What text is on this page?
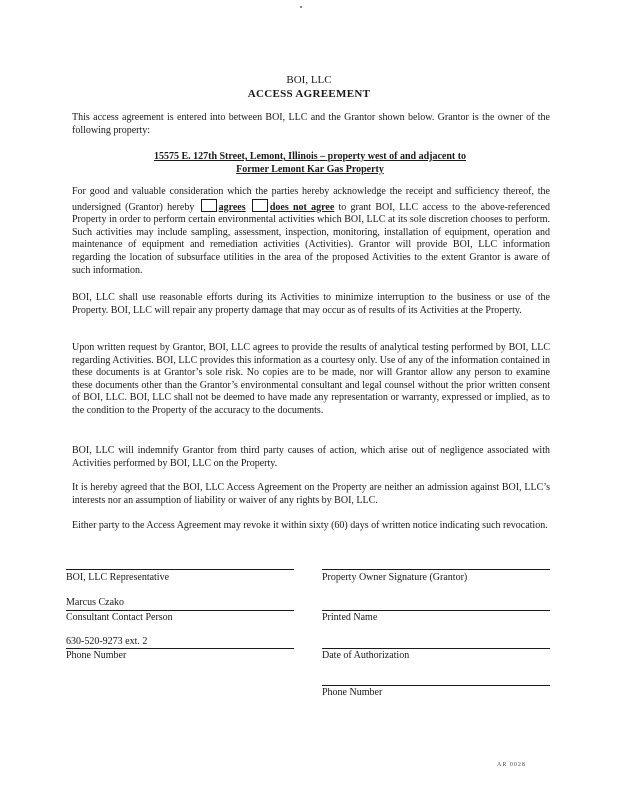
BOI, LLC
ACCESS AGREEMENT

This access agreement is entered into between BOI, LLC and the Grantor shown below. Grantor is the owner of the following property:

15575 E. 127th Street, Lemont, Illinois – property west of and adjacent to
Former Lemont Kar Gas Property

For good and valuable consideration which the parties hereby acknowledge the receipt and sufficiency thereof, the undersigned (Grantor) hereby agrees does not agree to grant BOI, LLC access to the above-referenced Property in order to perform certain environmental activities which BOI, LLC at its sole discretion chooses to perform. Such activities may include sampling, assessment, inspection, monitoring, installation of equipment, operation and maintenance of equipment and remediation activities (Activities). Grantor will provide BOI, LLC information regarding the location of subsurface utilities in the area of the proposed Activities to the extent Grantor is aware of such information.

BOI, LLC shall use reasonable efforts during its Activities to minimize interruption to the business or use of the Property. BOI, LLC will repair any property damage that may occur as of results of its Activities at the Property.

Upon written request by Grantor, BOI, LLC agrees to provide the results of analytical testing performed by BOI, LLC regarding Activities. BOI, LLC provides this information as a courtesy only. Use of any of the information contained in these documents is at Grantor’s sole risk. No copies are to be made, nor will Grantor allow any person to examine these documents other than the Grantor’s environmental consultant and legal counsel without the prior written consent of BOI, LLC. BOI, LLC shall not be deemed to have made any representation or warranty, expressed or implied, as to the condition to the Property of the accuracy to the documents.

BOI, LLC will indemnify Grantor from third party causes of action, which arise out of negligence associated with Activities performed by BOI, LLC on the Property.

It is hereby agreed that the BOI, LLC Access Agreement on the Property are neither an admission against BOI, LLC’s interests nor an assumption of liability or waiver of any rights by BOI, LLC.

Either party to the Access Agreement may revoke it within sixty (60) days of written notice indicating such revocation.

BOI, LLC Representative
Marcus Czako
Consultant Contact Person
630-520-9273 ext. 2
Phone Number
Property Owner Signature (Grantor)
Printed Name
Date of Authorization
Phone Number
AR 0028
